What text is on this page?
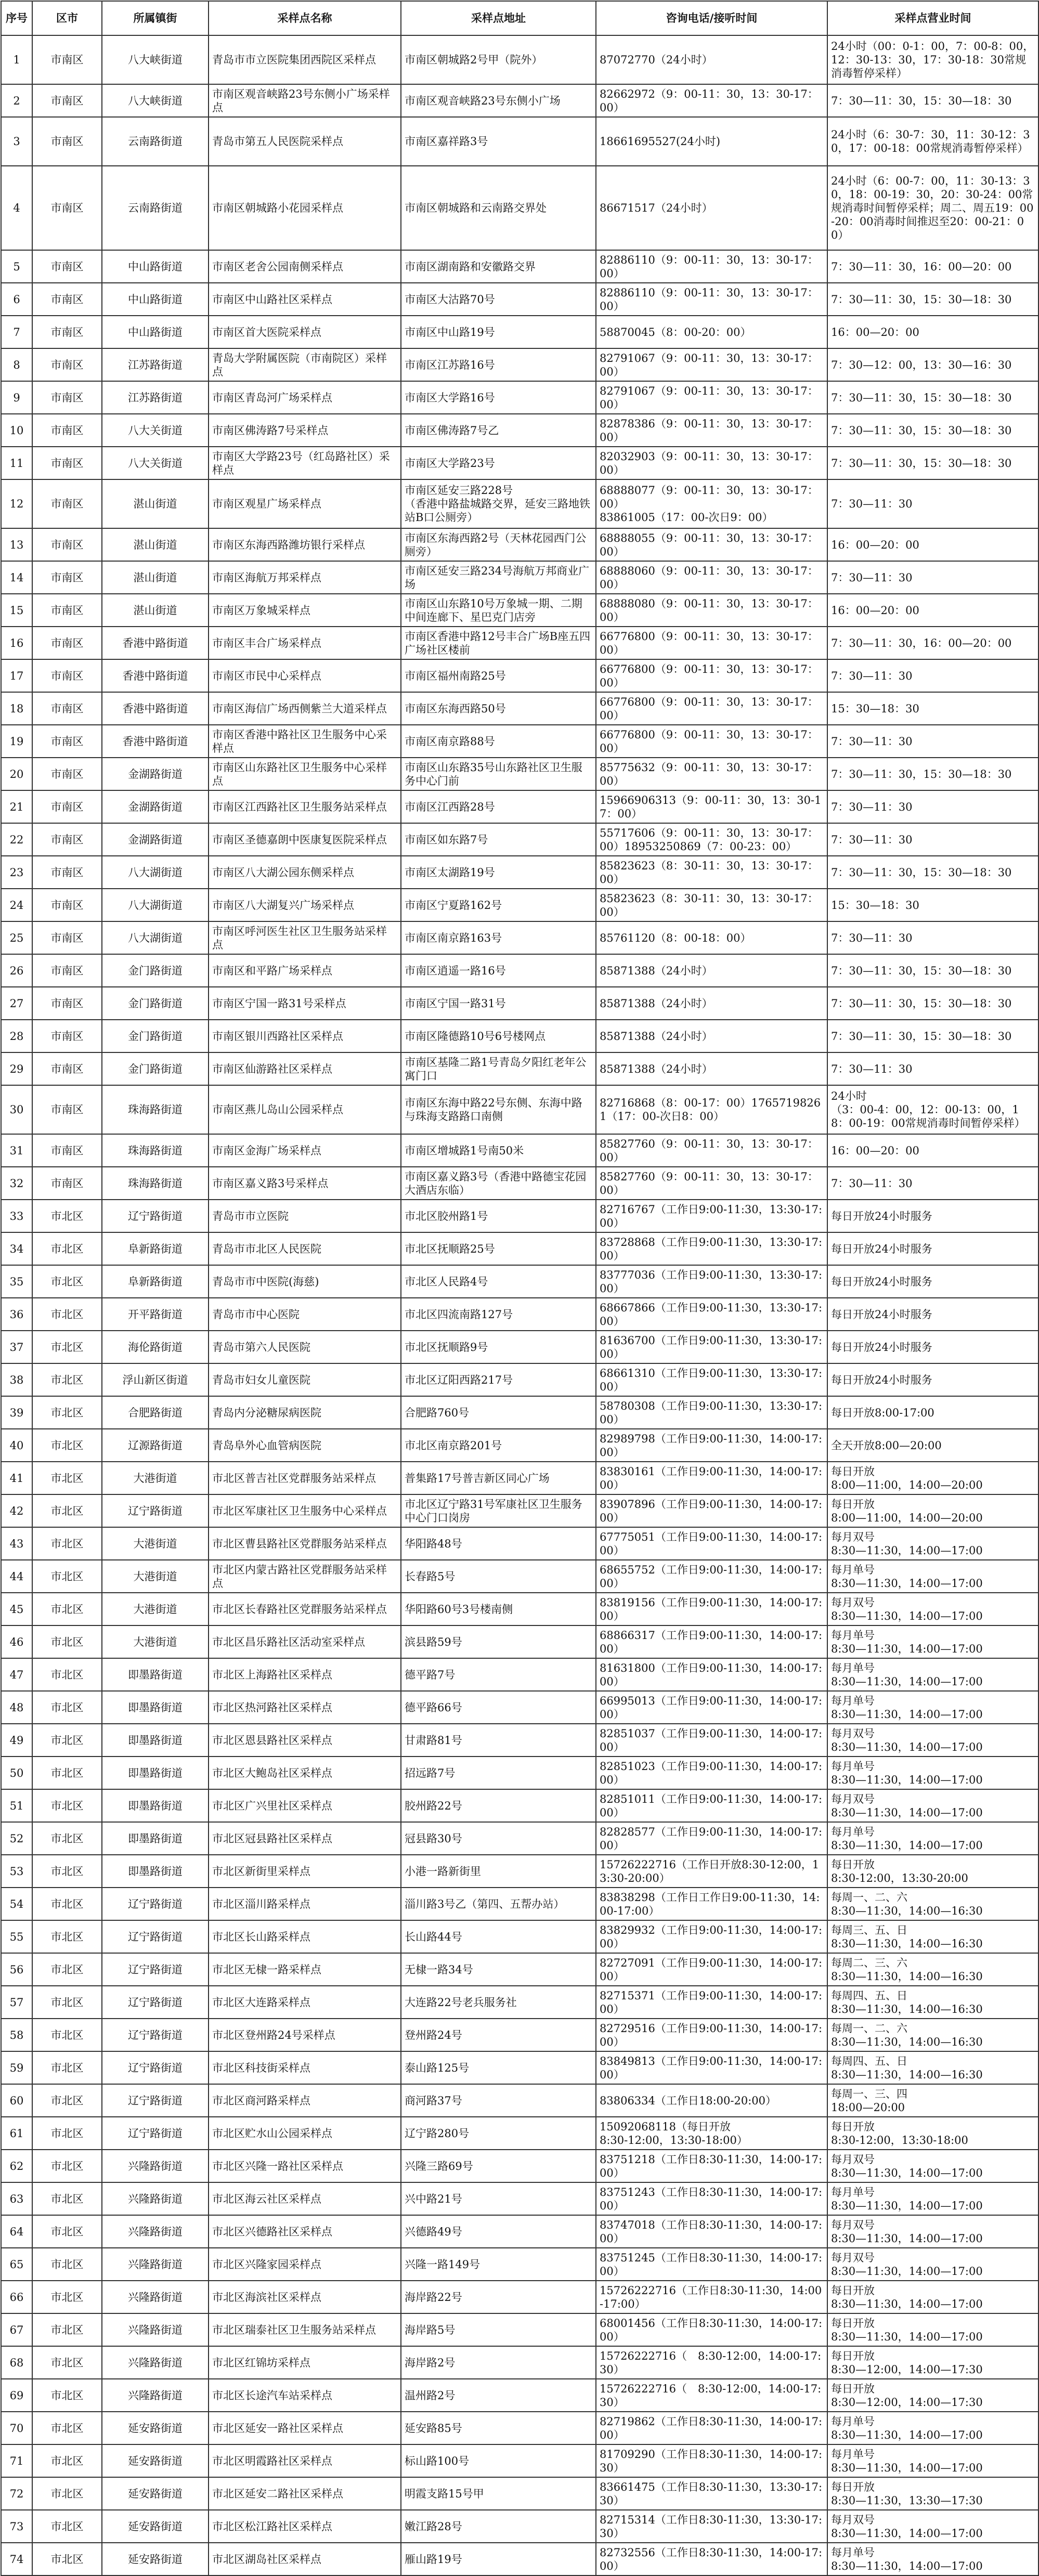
序号	区市	所属镇街	采样点名称	采样点地址	咨询电话/接听时间	采样点营业时间
1	市南区	八大峡街道	青岛市市立医院集团西院区采样点	市南区朝城路2号甲（院外）	87072770（24小时）	24小时（00：0-1：00，7：00-8：00，
12：30-13：30，17：30-18：30常规消毒暂停采样）
2	市南区	八大峡街道	市南区观音峡路23号东侧小广场采样点	市南区观音峡路23号东侧小广场	82662972（9：00-11：30，13：30-17：00）	7：30—11：30，15：30—18：30
3	市南区	云南路街道	青岛市第五人民医院采样点	市南区嘉祥路3号	18661695527(24小时)	24小时（6：30-7：30，11：30-12：30，17：00-18：00常规消毒暂停采样）
4	市南区	云南路街道	市南区朝城路小花园采样点	市南区朝城路和云南路交界处	86671517（24小时）	24小时（6：00-7：00，11：30-13：30，18：00-19：30，20：30-24：00常规消毒时间暂停采样；周二、周五19：00-20：00消毒时间推迟至20：00-21：00）
5	市南区	中山路街道	市南区老舍公园南侧采样点	市南区湖南路和安徽路交界	82886110（9：00-11：30，13：30-17：00）	7：30—11：30，16：00—20：00
6	市南区	中山路街道	市南区中山路社区采样点	市南区大沽路70号	82886110（9：00-11：30，13：30-17：00）	7：30—11：30，15：30—18：30
7	市南区	中山路街道	市南区首大医院采样点	市南区中山路19号	58870045（8：00-20：00）	16：00—20：00
8	市南区	江苏路街道	青岛大学附属医院（市南院区）采样点	市南区江苏路16号	82791067（9：00-11：30，13：30-17：00）	7：30—12：00，13：30—16：30
9	市南区	江苏路街道	市南区青岛河广场采样点	市南区大学路16号	82791067（9：00-11：30，13：30-17：00）	7：30—11：30，15：30—18：30
10	市南区	八大关街道	市南区佛涛路7号采样点	市南区佛涛路7号乙	82878386（9：00-11：30，13：30-17：00）	7：30—11：30，15：30—18：30
11	市南区	八大关街道	市南区大学路23号（红岛路社区）采样点	市南区大学路23号	82032903（9：00-11：30，13：30-17：00）	7：30—11：30，15：30—18：30
12	市南区	湛山街道	市南区观星广场采样点	市南区延安三路228号
（香港中路盐城路交界，延安三路地铁站B口公厕旁）	68888077（9：00-11：30，13：30-17：00）
83861005（17：00-次日9：00）	7：30—11：30
13	市南区	湛山街道	市南区东海西路潍坊银行采样点	市南区东海西路2号（天林花园西门公厕旁）	68888055（9：00-11：30，13：30-17：00）	16：00—20：00
14	市南区	湛山街道	市南区海航万邦采样点	市南区延安三路234号海航万邦商业广场	68888060（9：00-11：30，13：30-17：00）	7：30—11：30
15	市南区	湛山街道	市南区万象城采样点	市南区山东路10号万象城一期、二期中间连廊下、星巴克门店旁	68888080（9：00-11：30，13：30-17：00）	16：00—20：00
16	市南区	香港中路街道	市南区丰合广场采样点	市南区香港中路12号丰合广场B座五四广场社区楼前	66776800（9：00-11：30，13：30-17：00）	7：30—11：30，16：00—20：00
17	市南区	香港中路街道	市南区市民中心采样点	市南区福州南路25号	66776800（9：00-11：30，13：30-17：00）	7：30—11：30
18	市南区	香港中路街道	市南区海信广场西侧紫兰大道采样点	市南区东海西路50号	66776800（9：00-11：30，13：30-17：00）	15：30—18：30
19	市南区	香港中路街道	市南区香港中路社区卫生服务中心采样点	市南区南京路88号	66776800（9：00-11：30，13：30-17：00）	7：30—11：30
20	市南区	金湖路街道	市南区山东路社区卫生服务中心采样点	市南区山东路35号山东路社区卫生服务中心门前	85775632（9：00-11：30，13：30-17：00）	7：30—11：30，15：30—18：30
21	市南区	金湖路街道	市南区江西路社区卫生服务站采样点	市南区江西路28号	15966906313（9：00-11：30，13：30-17：00）	7：30—11：30
22	市南区	金湖路街道	市南区圣德嘉朗中医康复医院采样点	市南区如东路7号	55717606（9：00-11：30，13：30-17：00）18953250869（7：00-23：00）	7：30—11：30
23	市南区	八大湖街道	市南区八大湖公园东侧采样点	市南区太湖路19号	85823623（8：30-11：30，13：30-17：00）	7：30—11：30，15：30—18：30
24	市南区	八大湖街道	市南区八大湖复兴广场采样点	市南区宁夏路162号	85823623（8：30-11：30，13：30-17：00）	15：30—18：30
25	市南区	八大湖街道	市南区呼河医生社区卫生服务站采样点	市南区南京路163号	85761120（8：00-18：00）	7：30—11：30
26	市南区	金门路街道	市南区和平路广场采样点	市南区逍遥一路16号	85871388（24小时）	7：30—11：30，15：30—18：30
27	市南区	金门路街道	市南区宁国一路31号采样点	市南区宁国一路31号	85871388（24小时）	7：30—11：30，15：30—18：30
28	市南区	金门路街道	市南区银川西路社区采样点	市南区隆德路10号6号楼网点	85871388（24小时）	7：30—11：30，15：30—18：30
29	市南区	金门路街道	市南区仙游路社区采样点	市南区基隆二路1号青岛夕阳红老年公寓门口	85871388（24小时）	7：30—11：30
30	市南区	珠海路街道	市南区燕儿岛山公园采样点	市南区东海中路22号东侧、东海中路与珠海支路路口南侧	82716868（8：00-17：00）17657198261（17：00-次日8：00）	24小时
（3：00-4：00，12：00-13：00，18：00-19：00常规消毒时间暂停采样）
31	市南区	珠海路街道	市南区金海广场采样点	市南区增城路1号南50米	85827760（9：00-11：30，13：30-17：00）	16：00—20：00
32	市南区	珠海路街道	市南区嘉义路3号采样点	市南区嘉义路3号（香港中路德宝花园大酒店东临）	85827760（9：00-11：30，13：30-17：00）	7：30—11：30
33	市北区	辽宁路街道	青岛市市立医院	市北区胶州路1号	82716767（工作日9:00-11:30，13:30-17:00）	每日开放24小时服务
34	市北区	阜新路街道	青岛市市北区人民医院	市北区抚顺路25号	83728868（工作日9:00-11:30，13:30-17:00）	每日开放24小时服务
35	市北区	阜新路街道	青岛市市中医院(海慈)	市北区人民路4号	83777036（工作日9:00-11:30，13:30-17:00）	每日开放24小时服务
36	市北区	开平路街道	青岛市市中心医院	市北区四流南路127号	68667866（工作日9:00-11:30，13:30-17:00）	每日开放24小时服务
37	市北区	海伦路街道	青岛市第六人民医院	市北区抚顺路9号	81636700（工作日9:00-11:30，13:30-17:00）	每日开放24小时服务
38	市北区	浮山新区街道	青岛市妇女儿童医院	市北区辽阳西路217号	68661310（工作日9:00-11:30，13:30-17:00）	每日开放24小时服务
39	市北区	合肥路街道	青岛内分泌糖尿病医院	合肥路760号	58780308（工作日9:00-11:30，13:30-17:00）	每日开放8:00-17:00
40	市北区	辽源路街道	青岛阜外心血管病医院	市北区南京路201号	82989798（工作日9:00-11:30，14:00-17:00）	全天开放8:00—20:00
41	市北区	大港街道	市北区普吉社区党群服务站采样点	普集路17号普吉新区同心广场	83830161（工作日9:00-11:30，14:00-17:00）	每日开放
8:00—11:00，14:00—20:00
42	市北区	辽宁路街道	市北区军康社区卫生服务中心采样点	市北区辽宁路31号军康社区卫生服务中心门口岗房	83907896（工作日9:00-11:30，14:00-17:00）	每日开放
8:00—11:00，14:00—20:00
43	市北区	大港街道	市北区曹县路社区党群服务站采样点	华阳路48号	67775051（工作日9:00-11:30，14:00-17:00）	每月双号
8:30—11:30，14:00—17:00
44	市北区	大港街道	市北区内蒙古路社区党群服务站采样点	长春路5号	68655752（工作日9:00-11:30，14:00-17:00）	每月单号
8:30—11:30，14:00—17:00
45	市北区	大港街道	市北区长春路社区党群服务站采样点	华阳路60号3号楼南侧	83819156（工作日9:00-11:30，14:00-17:00）	每月双号
8:30—11:30，14:00—17:00
46	市北区	大港街道	市北区昌乐路社区活动室采样点	滨县路59号	68866317（工作日9:00-11:30，14:00-17:00）	每月单号
8:30—11:30，14:00—17:00
47	市北区	即墨路街道	市北区上海路社区采样点	德平路7号	81631800（工作日9:00-11:30，14:00-17:00）	每月单号
8:30—11:30，14:00—17:00
48	市北区	即墨路街道	市北区热河路社区采样点	德平路66号	66995013（工作日9:00-11:30，14:00-17:00）	每月单号
8:30—11:30，14:00—17:00
49	市北区	即墨路街道	市北区恩县路社区采样点	甘肃路81号	82851037（工作日9:00-11:30，14:00-17:00）	每月双号
8:30—11:30，14:00—17:00
50	市北区	即墨路街道	市北区大鲍岛社区采样点	招远路7号	82851023（工作日9:00-11:30，14:00-17:00）	每月单号
8:30—11:30，14:00—17:00
51	市北区	即墨路街道	市北区广兴里社区采样点	胶州路22号	82851011（工作日9:00-11:30，14:00-17:00）	每月双号
8:30—11:30，14:00—17:00
52	市北区	即墨路街道	市北区冠县路社区采样点	冠县路30号	82828577（工作日9:00-11:30，14:00-17:00）	每月单号
8:30—11:30，14:00—17:00
53	市北区	即墨路街道	市北区新街里采样点	小港一路新街里	15726222716（工作日开放8:30-12:00，13:30-20:00）	每日开放
8:30-12:00，13:30-20:00
54	市北区	辽宁路街道	市北区淄川路采样点	淄川路3号乙（第四、五帮办站）	83838298（工作日工作日9:00-11:30，14:00-17:00）	每周一、二、六
8:30—11:30，14:00—16:30
55	市北区	辽宁路街道	市北区长山路采样点	长山路44号	83829932（工作日9:00-11:30，14:00-17:00）	每周三、五、日
8:30—11:30，14:00—16:30
56	市北区	辽宁路街道	市北区无棣一路采样点	无棣一路34号	82727091（工作日9:00-11:30，14:00-17:00）	每周二、三、六
8:30—11:30，14:00—16:30
57	市北区	辽宁路街道	市北区大连路采样点	大连路22号老兵服务社	82715371（工作日9:00-11:30，14:00-17:00）	每周四、五、日
8:30—11:30，14:00—16:30
58	市北区	辽宁路街道	市北区登州路24号采样点	登州路24号	82729516（工作日9:00-11:30，14:00-17:00）	每周一、二、六
8:30—11:30，14:00—16:30
59	市北区	辽宁路街道	市北区科技街采样点	泰山路125号	83849813（工作日9:00-11:30，14:00-17:00）	每周四、五、日
8:30—11:30，14:00—16:30
60	市北区	辽宁路街道	市北区商河路采样点	商河路37号	83806334（工作日18:00-20:00）	每周一、三、四
18:00—20:00
61	市北区	辽宁路街道	市北区贮水山公园采样点	辽宁路280号	15092068118（每日开放
8:30-12:00，13:30-18:00）	每日开放
8:30-12:00，13:30-18:00
62	市北区	兴隆路街道	市北区兴隆一路社区采样点	兴隆三路69号	83751218（工作日8:30-11:30，14:00-17:00）	每月双号
8:30—11:30，14:00—17:00
63	市北区	兴隆路街道	市北区海云社区采样点	兴中路21号	83751243（工作日8:30-11:30，14:00-17:00）	每月单号
8:30—11:30，14:00—17:00
64	市北区	兴隆路街道	市北区兴德路社区采样点	兴德路49号	83747018（工作日8:30-11:30，14:00-17:00）	每月双号
8:30—11:30，14:00—17:00
65	市北区	兴隆路街道	市北区兴隆家园采样点	兴隆一路149号	83751245（工作日8:30-11:30，14:00-17:00）	每月双号
8:30—11:30，14:00—17:00
66	市北区	兴隆路街道	市北区海滨社区采样点	海岸路22号	15726222716（工作日8:30-11:30，14:00-17:00）	每日开放
8:30—11:30，14:00—17:00
67	市北区	兴隆路街道	市北区瑞泰社区卫生服务站采样点	海岸路5号	68001456（工作日8:30-11:30，14:00-17:00）	每日开放
8:30—11:30，14:00—17:00
68	市北区	兴隆路街道	市北区红锦坊采样点	海岸路2号	15726222716（　8:30-12:00，14:00-17:30）	每日开放
8:30—12:00，14:00—17:30
69	市北区	兴隆路街道	市北区长途汽车站采样点	温州路2号	15726222716（　8:30-12:00，14:00-17:30）	每日开放
8:30—12:00，14:00—17:30
70	市北区	延安路街道	市北区延安一路社区采样点	延安路85号	82719862（工作日8:30-11:30，14:00-17:00）	每月单号
8:30—11:30，14:00—17:00
71	市北区	延安路街道	市北区明霞路社区采样点	标山路100号	81709290（工作日8:30-11:30，14:00-17:30）	每月单号
8:30—11:30，14:00—17:00
72	市北区	延安路街道	市北区延安二路社区采样点	明霞支路15号甲	83661475（工作日8:30-11:30，13:30-17:30）	每日开放
8:30—11:30，13:30—17:30
73	市北区	延安路街道	市北区松江路社区采样点	嫩江路28号	82715314（工作日8:30-11:30，13:30-17:30）	每月双号
8:30—11:30，14:00—17:00
74	市北区	延安路街道	市北区湖岛社区采样点	雁山路19号	82732556（工作日8:30-11:30，14:00-17:00）	每月单号
8:30—11:30，14:00—17:00
